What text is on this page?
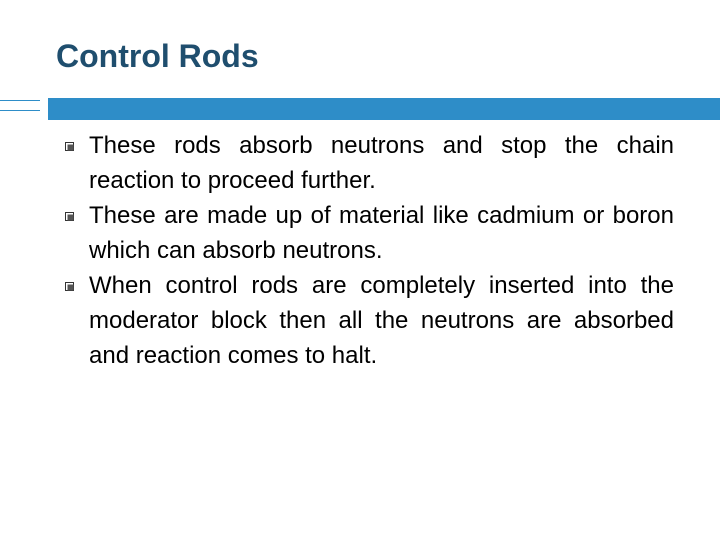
Control Rods
These rods absorb neutrons and stop the chain reaction to proceed further.
These are made up of material like cadmium or boron which can absorb neutrons.
When control rods are completely inserted into the moderator block then all the neutrons are absorbed and reaction comes to halt.
